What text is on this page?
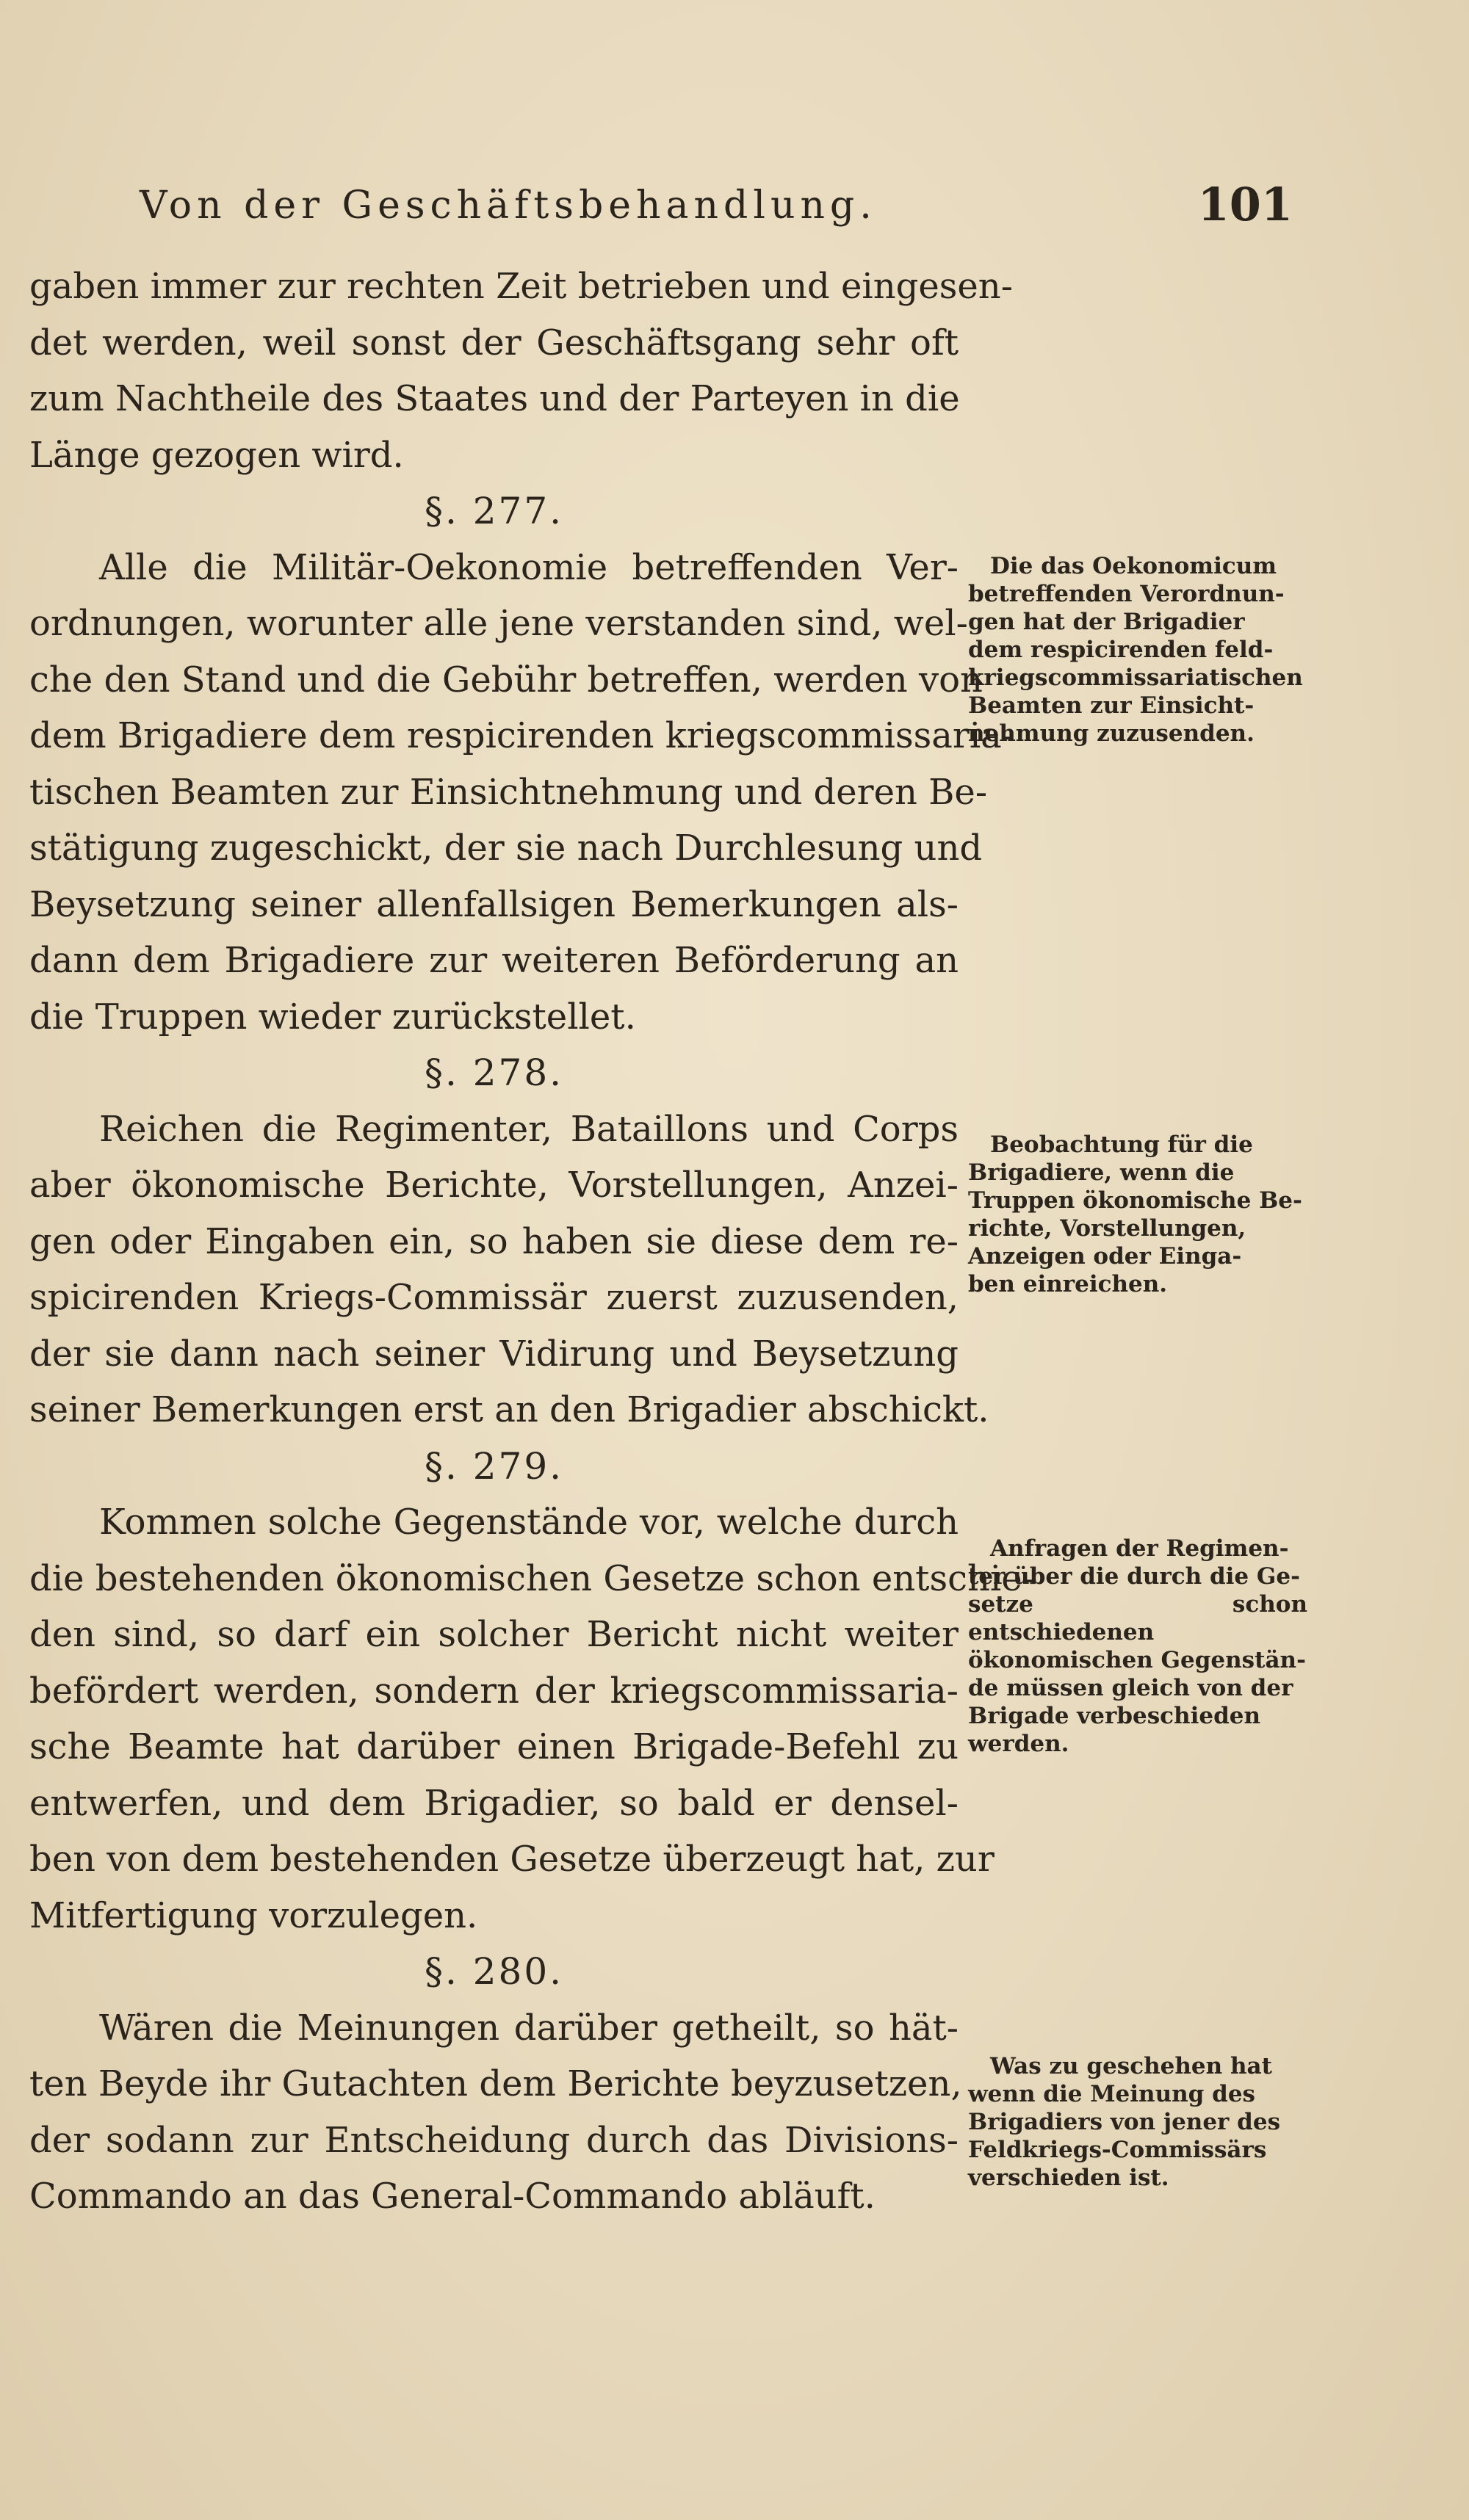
Von der Geschäftsbehandlung.	101

gaben immer zur rechten Zeit betrieben und eingesen-
det werden, weil sonst der Geschäftsgang sehr oft
zum Nachtheile des Staates und der Parteyen in die
Länge gezogen wird.

§. 277.

Alle die Militär-Oekonomie betreffenden Ver-
ordnungen, worunter alle jene verstanden sind, wel-
che den Stand und die Gebühr betreffen, werden von
dem Brigadiere dem respicirenden kriegscommissaria-
tischen Beamten zur Einsichtnehmung und deren Be-
stätigung zugeschickt, der sie nach Durchlesung und
Beysetzung seiner allenfallsigen Bemerkungen als-
dann dem Brigadiere zur weiteren Beförderung an
die Truppen wieder zurückstellet.

§. 278.

Reichen die Regimenter, Bataillons und Corps
aber ökonomische Berichte, Vorstellungen, Anzei-
gen oder Eingaben ein, so haben sie diese dem re-
spicirenden Kriegs-Commissär zuerst zuzusenden,
der sie dann nach seiner Vidirung und Beysetzung
seiner Bemerkungen erst an den Brigadier abschickt.

§. 279.

Kommen solche Gegenstände vor, welche durch
die bestehenden ökonomischen Gesetze schon entschie-
den sind, so darf ein solcher Bericht nicht weiter
befördert werden, sondern der kriegscommissaria-
sche Beamte hat darüber einen Brigade-Befehl zu
entwerfen, und dem Brigadier, so bald er densel-
ben von dem bestehenden Gesetze überzeugt hat, zur
Mitfertigung vorzulegen.

§. 280.

Wären die Meinungen darüber getheilt, so hät-
ten Beyde ihr Gutachten dem Berichte beyzusetzen,
der sodann zur Entscheidung durch das Divisions-
Commando an das General-Commando abläuft.

Die das Oekonomicum
betreffenden Verordnun-
gen hat der Brigadier
dem respicirenden feld-
kriegscommissariatischen
Beamten zur Einsicht-
nehmung zuzusenden.
Beobachtung für die
Brigadiere, wenn die
Truppen ökonomische Be-
richte, Vorstellungen,
Anzeigen oder Einga-
ben einreichen.
Anfragen der Regimen-
ter über die durch die Ge-
setze schon entschiedenen
ökonomischen Gegenstän-
de müssen gleich von der
Brigade verbeschieden
werden.
Was zu geschehen hat
wenn die Meinung des
Brigadiers von jener des
Feldkriegs-Commissärs
verschieden ist.
